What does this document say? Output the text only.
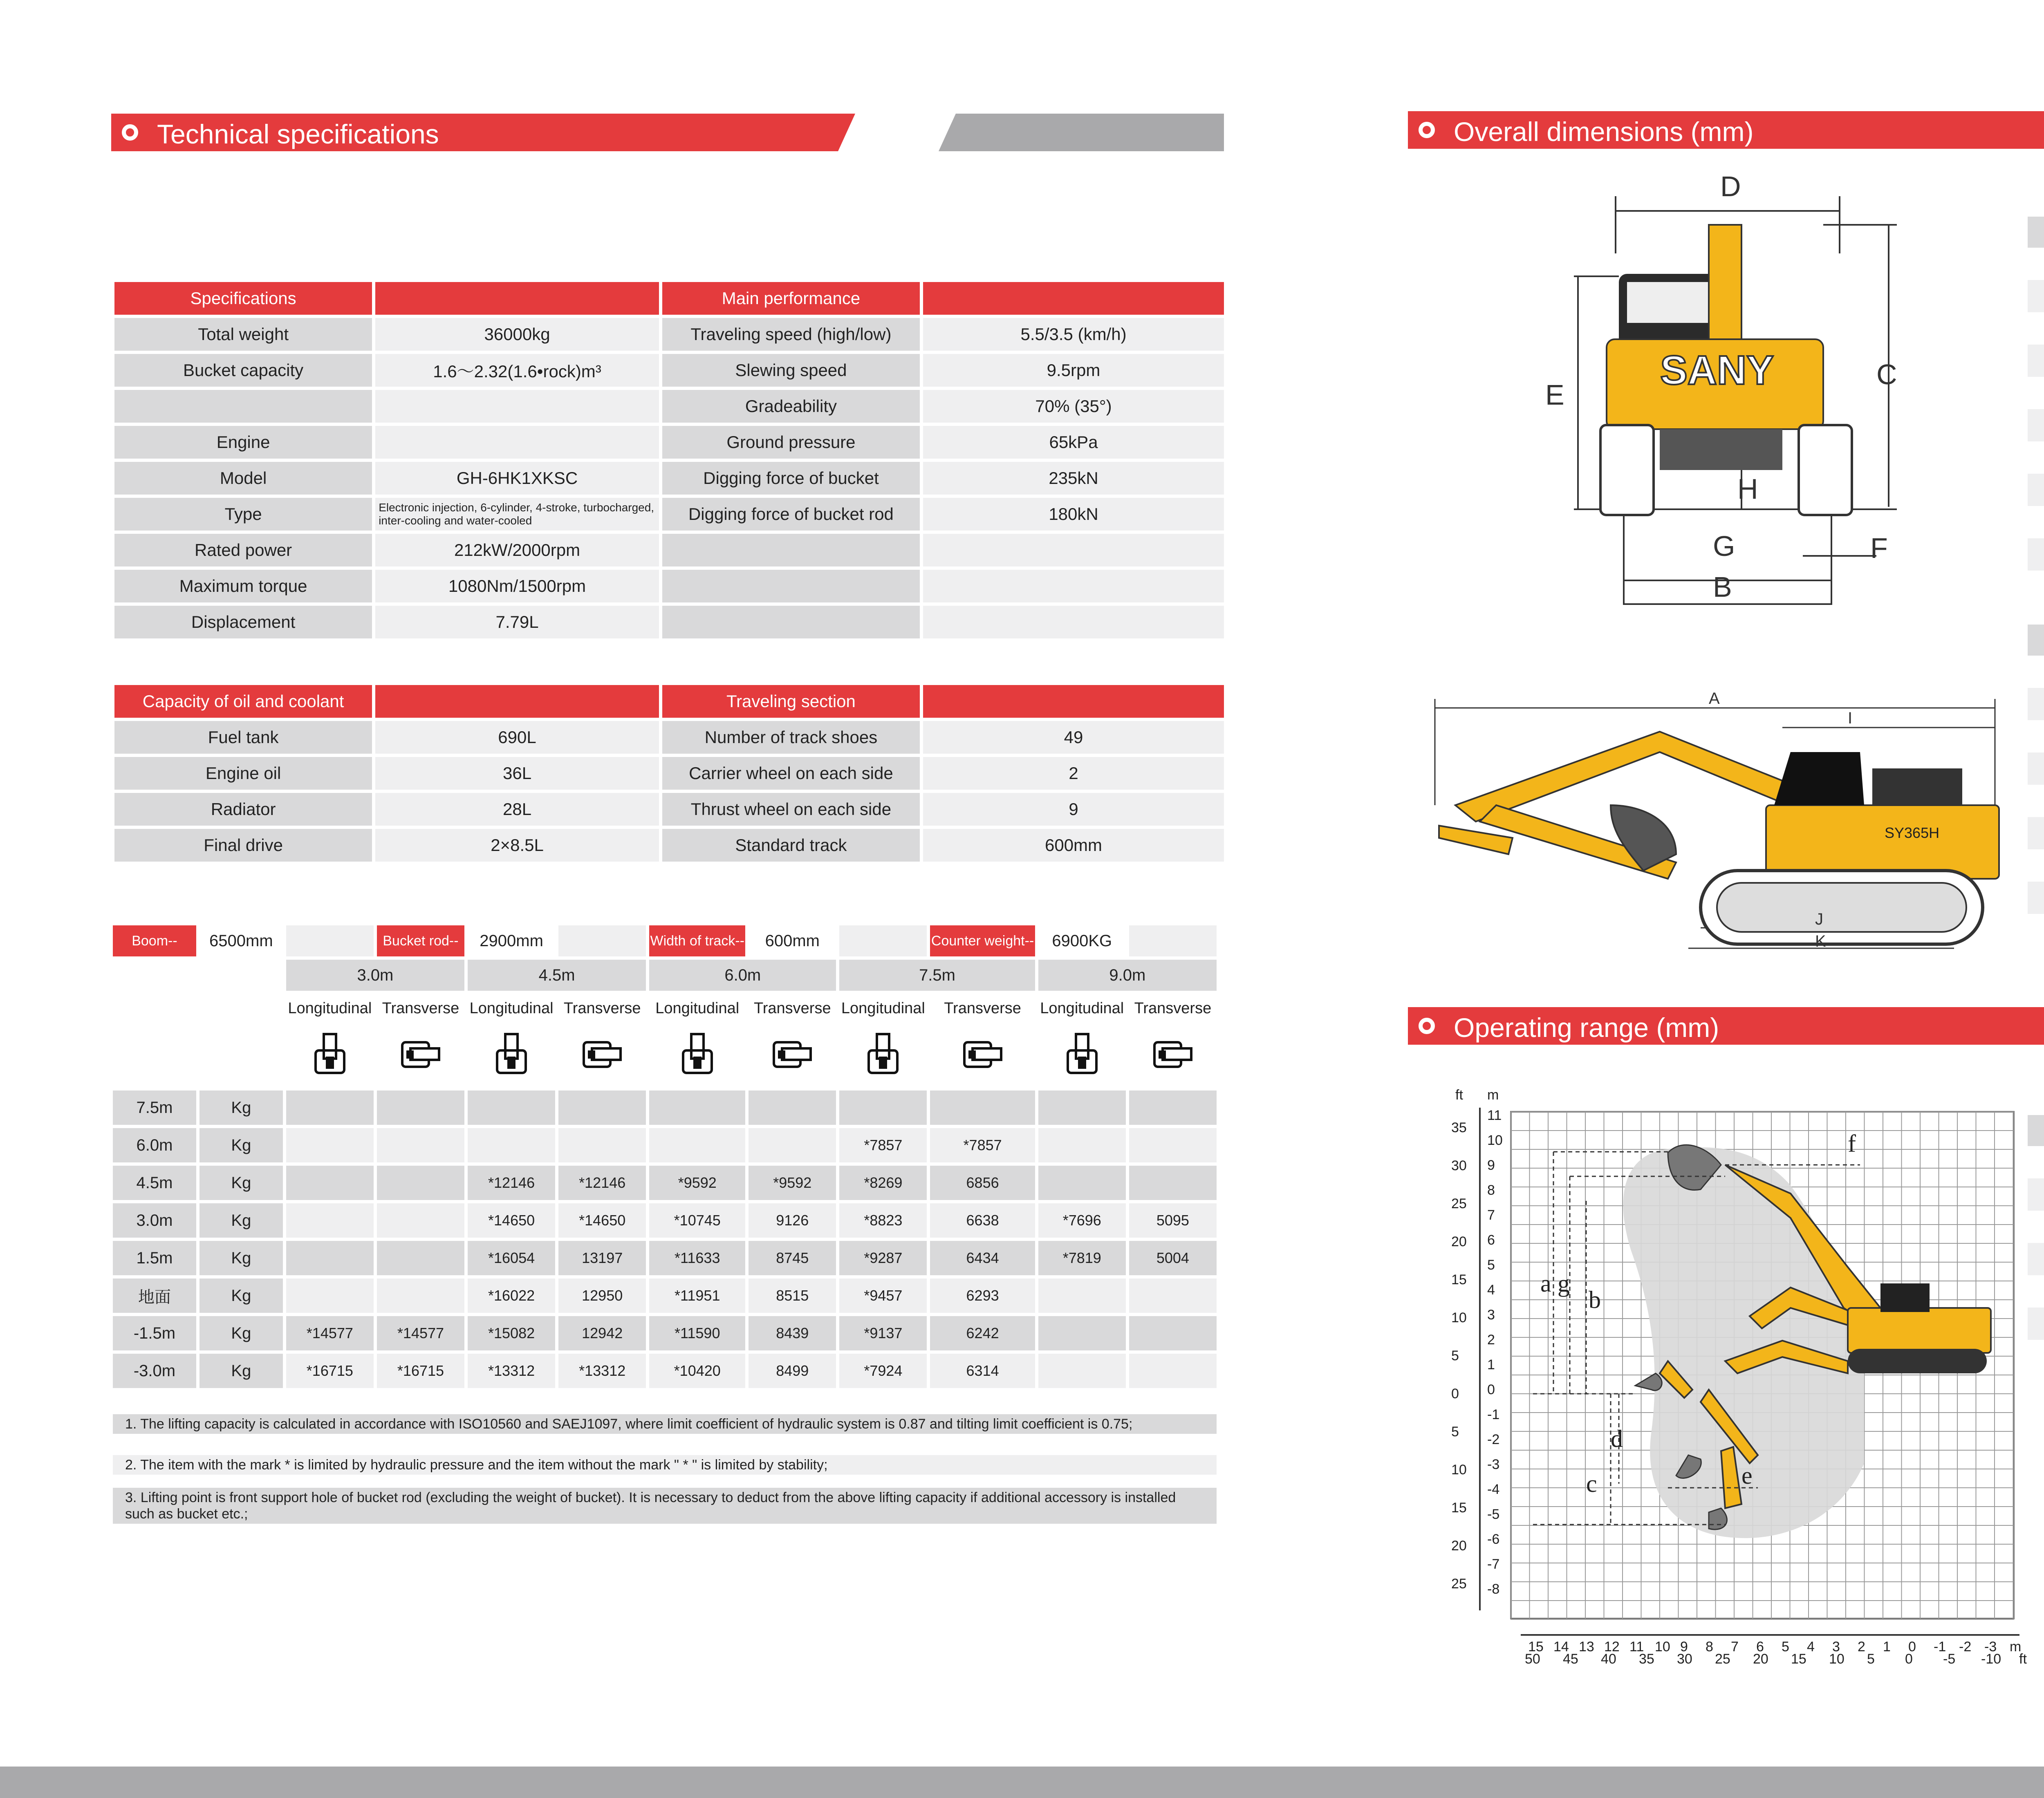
Technical specifications
Specifications		Main performance	
Total weight	36000kg	Traveling speed (high/low)	5.5/3.5 (km/h)
Bucket capacity	1.6～2.32(1.6•rock)m³	Slewing speed	9.5rpm
		Gradeability	70% (35°)
Engine		Ground pressure	65kPa
Model	GH-6HK1XKSC	Digging force of bucket	235kN
Type	Electronic injection, 6-cylinder, 4-stroke, turbocharged, inter-cooling and water-cooled	Digging force of bucket rod	180kN
Rated power	212kW/2000rpm		
Maximum torque	1080Nm/1500rpm		
Displacement	7.79L		
Capacity of oil and coolant		Traveling section	
Fuel tank	690L	Number of track shoes	49
Engine oil	36L	Carrier wheel on each side	2
Radiator	28L	Thrust wheel on each side	9
Final drive	2×8.5L	Standard track	600mm
Boom--	6500mm		Bucket rod--	2900mm		Width of track--	600mm		Counter weight--	6900KG	
		3.0m		4.5m		6.0m		7.5m		9.0m	
		Longitudinal	Transverse	Longitudinal	Transverse	Longitudinal	Transverse	Longitudinal	Transverse	Longitudinal	Transverse

7.5m	Kg										
6.0m	Kg							*7857	*7857		
4.5m	Kg			*12146	*12146	*9592	*9592	*8269	6856		
3.0m	Kg			*14650	*14650	*10745	9126	*8823	6638	*7696	5095
1.5m	Kg			*16054	13197	*11633	8745	*9287	6434	*7819	5004
地面	Kg			*16022	12950	*11951	8515	*9457	6293		
-1.5m	Kg	*14577	*14577	*15082	12942	*11590	8439	*9137	6242		
-3.0m	Kg	*16715	*16715	*13312	*13312	*10420	8499	*7924	6314		
1. The lifting capacity is calculated in accordance with ISO10560 and SAEJ1097, where limit coefficient of hydraulic system is 0.87 and tilting limit coefficient is 0.75;
2. The item with the mark * is limited by hydraulic pressure and the item without the mark " * " is limited by stability;
3. Lifting point is front support hole of bucket rod (excluding the weight of bucket). It is necessary to deduct from the above lifting capacity if additional accessory is installed such as bucket etc.;
Overall dimensions (mm)
SANY
D
E
C
H
F
G
B
SY365H
A
I
J
K
Operating range (mm)
f
a g
b
d
c	e
ft m
11
10
9
8
7
6
5
4
3
2
1
0
-1
-2
-3
-4
-5
-6
-7
-8
35
30
25
20
15
10
5
0
5
10
15
20
25
15 14 13 12 11 10 9 8 7 6 5 4 3 2 1 0 -1 -2 -3 m
50 45 40 35 30 25 20 15 10 5 0 -5 -10 ft
